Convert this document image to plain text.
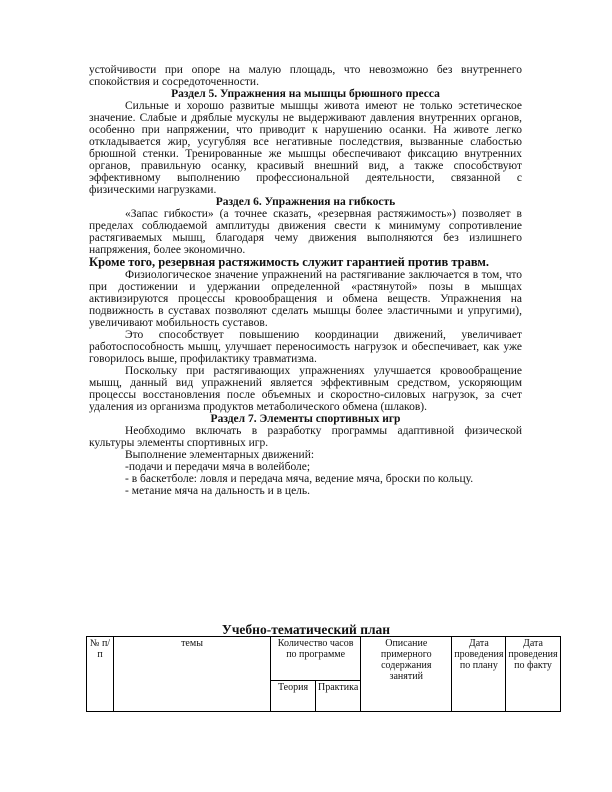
устойчивости при опоре на малую площадь, что невозможно без внутреннего спокойствия и сосредоточенности.

Раздел 5. Упражнения на мышцы брюшного пресса

Сильные и хорошо развитые мышцы живота имеют не только эстетическое значение. Слабые и дряблые мускулы не выдерживают давления внутренних органов, особенно при напряжении, что приводит к нарушению осанки. На животе легко откладывается жир, усугубляя все негативные последствия, вызванные слабостью брюшной стенки. Тренированные же мышцы обеспечивают фиксацию внутренних органов, правильную осанку, красивый внешний вид, а также способствуют эффективному выполнению профессиональной деятельности, связанной с физическими нагрузками.

Раздел 6. Упражнения на гибкость

«Запас гибкости» (а точнее сказать, «резервная растяжимость») позволяет в пределах соблюдаемой амплитуды движения свести к минимуму сопротивление растягиваемых мышц, благодаря чему движения выполняются без излишнего напряжения, более экономично.

Кроме того, резервная растяжимость служит гарантией против травм.

Физиологическое значение упражнений на растягивание заключается в том, что при достижении и удержании определенной «растянутой» позы в мышцах активизируются процессы кровообращения и обмена веществ. Упражнения на подвижность в суставах позволяют сделать мышцы более эластичными и упругими), увеличивают мобильность суставов.

Это способствует повышению координации движений, увеличивает работоспособность мышц, улучшает переносимость нагрузок и обеспечивает, как уже говорилось выше, профилактику травматизма.

Поскольку при растягивающих упражнениях улучшается кровообращение мышц, данный вид упражнений является эффективным средством, ускоряющим процессы восстановления после объемных и скоростно-силовых нагрузок, за счет удаления из организма продуктов метаболического обмена (шлаков).

Раздел 7. Элементы спортивных игр

Необходимо включать в разработку программы адаптивной физической культуры элементы спортивных игр.

Выполнение элементарных движений:

-подачи и передачи мяча в волейболе;

- в баскетболе: ловля и передача мяча, ведение мяча, броски по кольцу.

- метание мяча на дальность и в цель.

Учебно-тематический план
№ п/п	темы	Количество часов по программе		Описание примерного содержания занятий	Дата проведения по плану	Дата проведения по факту
		Теория	Практика			
